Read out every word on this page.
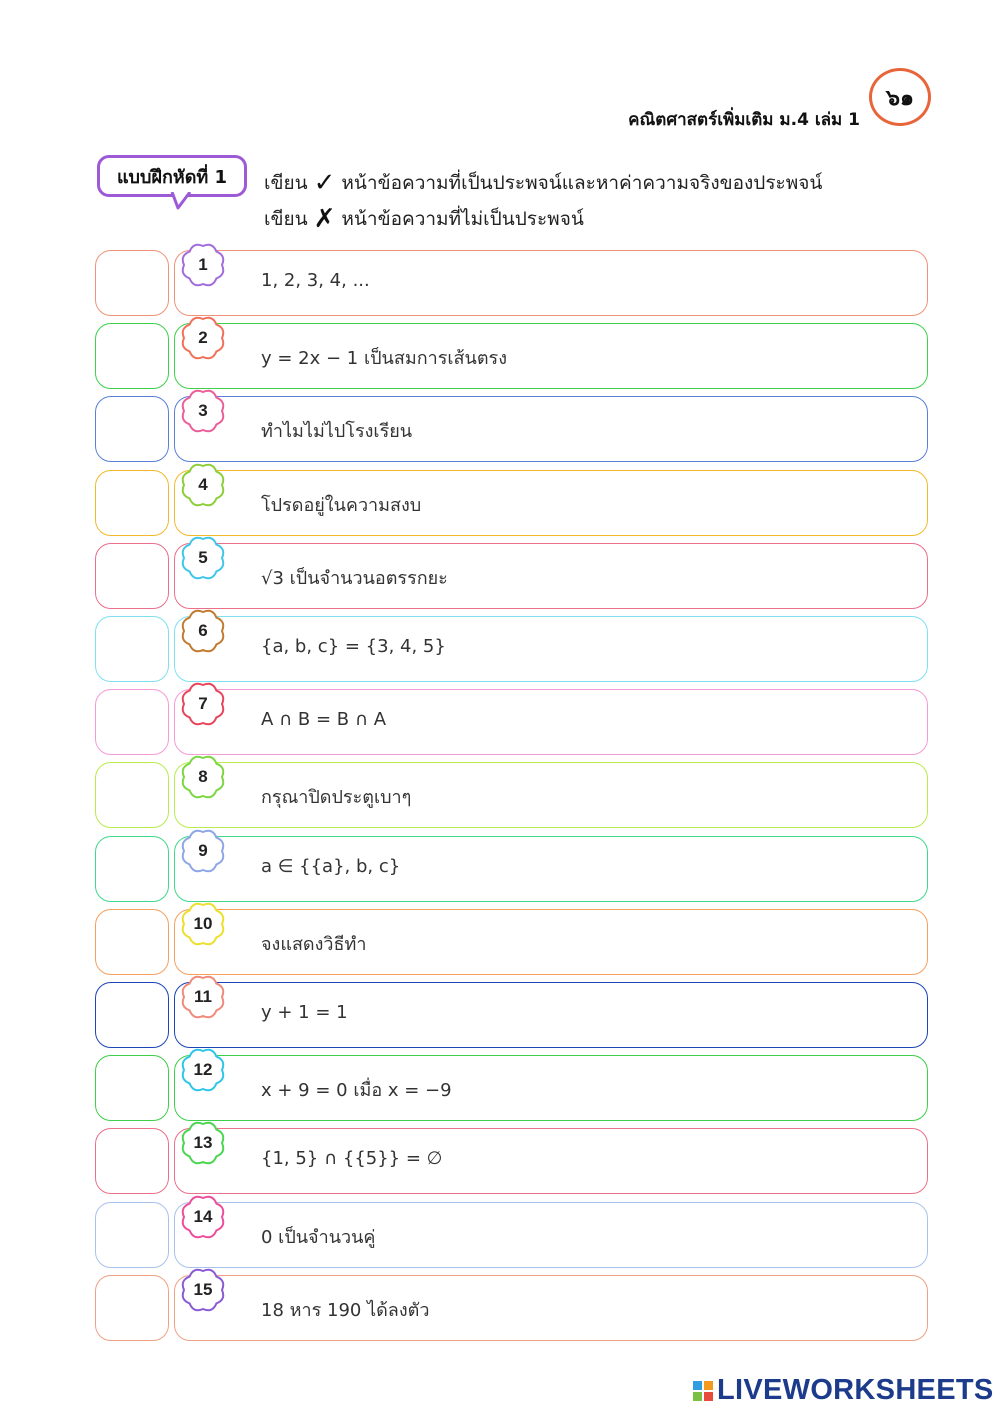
คณิตศาสตร์เพิ่มเติม ม.4 เล่ม 1
๖๑
แบบฝึกหัดที่ 1	เขียน ✓ หน้าข้อความที่เป็นประพจน์และหาค่าความจริงของประพจน์
เขียน ✗ หน้าข้อความที่ไม่เป็นประพจน์
1, 2, 3, 4, ...
1
y = 2x − 1 เป็นสมการเส้นตรง
2
ทำไมไม่ไปโรงเรียน
3
โปรดอยู่ในความสงบ
4
√3 เป็นจำนวนอตรรกยะ
5
{a, b, c} = {3, 4, 5}
6
A ∩ B = B ∩ A
7
กรุณาปิดประตูเบาๆ
8
a ∈ {{a}, b, c}
9
จงแสดงวิธีทำ
10
y + 1 = 1
11
x + 9 = 0 เมื่อ x = −9
12
{1, 5} ∩ {{5}} = ∅
13
0 เป็นจำนวนคู่
14
18 หาร 190 ได้ลงตัว
15
LIVEWORKSHEETS
